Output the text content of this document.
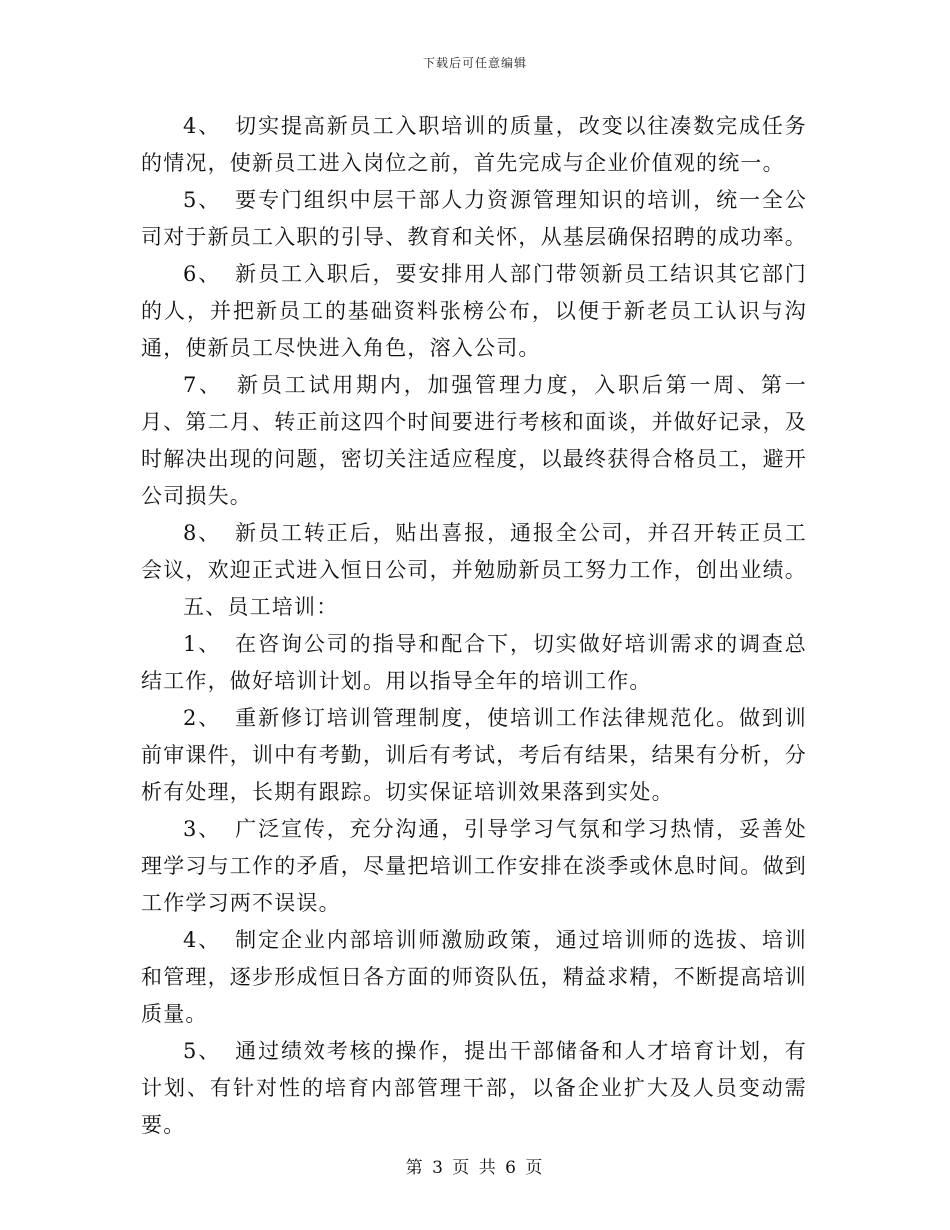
下载后可任意编辑

4、 切实提高新员工入职培训的质量，改变以往凑数完成任务的情况，使新员工进入岗位之前，首先完成与企业价值观的统一。

5、 要专门组织中层干部人力资源管理知识的培训，统一全公司对于新员工入职的引导、教育和关怀，从基层确保招聘的成功率。

6、 新员工入职后，要安排用人部门带领新员工结识其它部门的人，并把新员工的基础资料张榜公布，以便于新老员工认识与沟通，使新员工尽快进入角色，溶入公司。

7、 新员工试用期内，加强管理力度，入职后第一周、第一月、第二月、转正前这四个时间要进行考核和面谈，并做好记录，及时解决出现的问题，密切关注适应程度，以最终获得合格员工，避开公司损失。

8、 新员工转正后，贴出喜报，通报全公司，并召开转正员工会议，欢迎正式进入恒日公司，并勉励新员工努力工作，创出业绩。

五、员工培训：

1、 在咨询公司的指导和配合下，切实做好培训需求的调查总结工作，做好培训计划。用以指导全年的培训工作。

2、 重新修订培训管理制度，使培训工作法律规范化。做到训前审课件，训中有考勤，训后有考试，考后有结果，结果有分析，分析有处理，长期有跟踪。切实保证培训效果落到实处。

3、 广泛宣传，充分沟通，引导学习气氛和学习热情，妥善处理学习与工作的矛盾，尽量把培训工作安排在淡季或休息时间。做到工作学习两不误误。

4、 制定企业内部培训师激励政策，通过培训师的选拔、培训和管理，逐步形成恒日各方面的师资队伍，精益求精，不断提高培训质量。

5、 通过绩效考核的操作，提出干部储备和人才培育计划，有计划、有针对性的培育内部管理干部，以备企业扩大及人员变动需要。

第 3 页 共 6 页
